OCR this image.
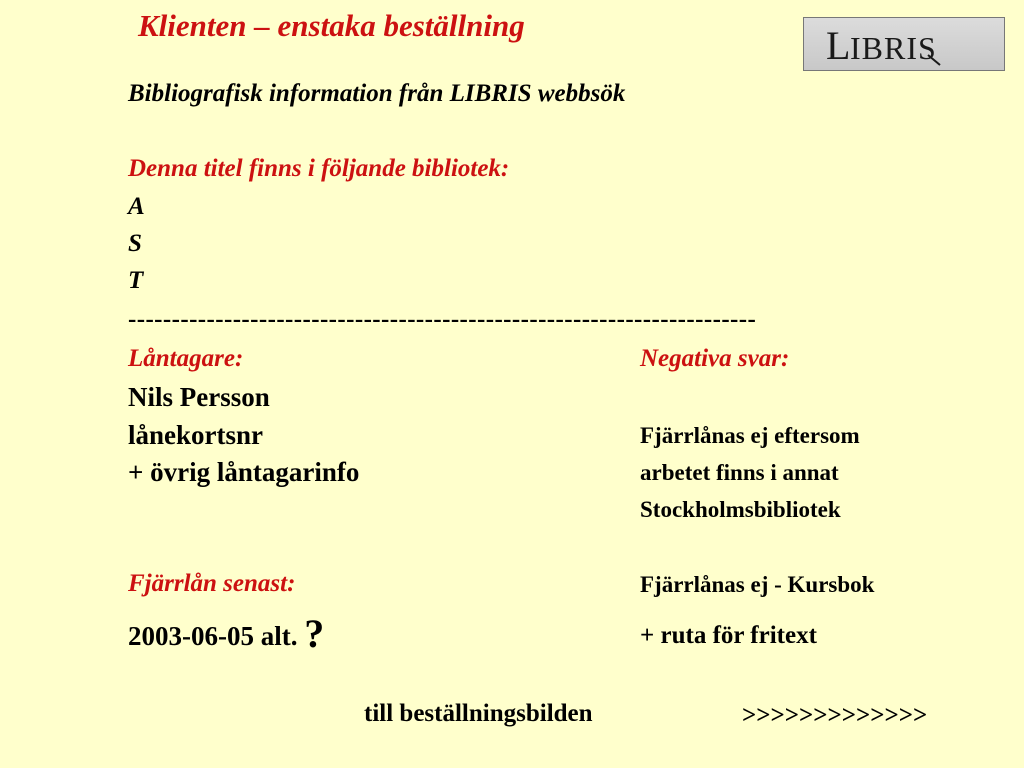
Klienten – enstaka beställning	L IBRIS
Bibliografisk information från LIBRIS webbsök
Denna titel finns i följande bibliotek:
A
S
T
------------------------------------------------------------------------
Låntagare:
Nils Persson
lånekortsnr
+ övrig låntagarinfo
Fjärrlån senast:
2003-06-05 alt. ?
Negativa svar:
Fjärrlånas ej eftersom
arbetet finns i annat
Stockholmsbibliotek
Fjärrlånas ej - Kursbok
+ ruta för fritext
till beställningsbilden	>>>>>>>>>>>>>
